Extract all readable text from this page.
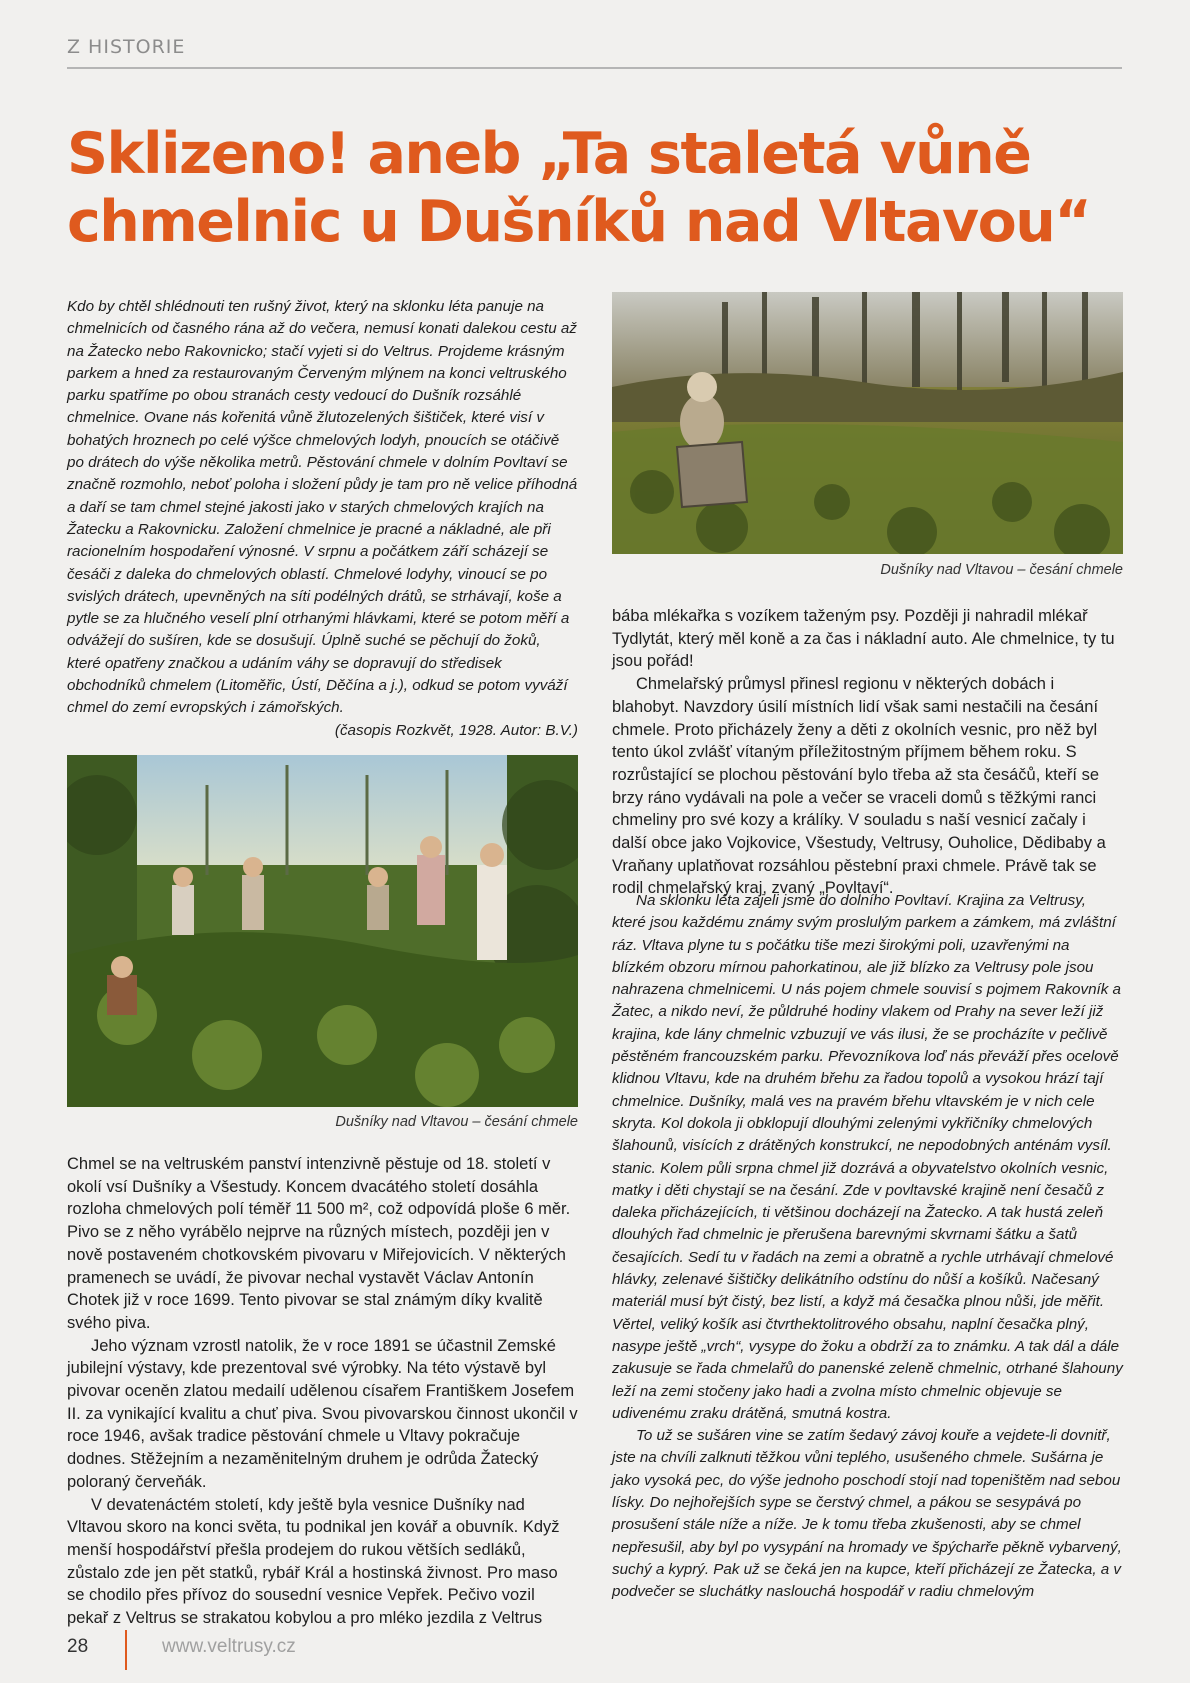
Z HISTORIE
Sklizeno! aneb „Ta staletá vůně
chmelnic u Dušníků nad Vltavou“

Kdo by chtěl shlédnouti ten rušný život, který na sklonku léta panuje na chmelnicích od časného rána až do večera, nemusí konati dalekou cestu až na Žatecko nebo Rakovnicko; stačí vyjeti si do Veltrus. Projdeme krásným parkem a hned za restaurovaným Červeným mlýnem na konci veltruského parku spatříme po obou stranách cesty vedoucí do Dušník rozsáhlé chmelnice. Ovane nás kořenitá vůně žlutozelených šištiček, které visí v bohatých hroznech po celé výšce chmelových lodyh, pnoucích se otáčivě po drátech do výše několika metrů. Pěstování chmele v dolním Povltaví se značně rozmohlo, neboť poloha i složení půdy je tam pro ně velice příhodná a daří se tam chmel stejné jakosti jako v starých chmelových krajích na Žatecku a Rakovnicku. Založení chmelnice je pracné a nákladné, ale při racionelním hospodaření výnosné. V srpnu a počátkem září scházejí se česáči z daleka do chmelových oblastí. Chmelové lodyhy, vinoucí se po svislých drátech, upevněných na síti podélných drátů, se strhávají, koše a pytle se za hlučného veselí plní otrhanými hlávkami, které se potom měří a odvážejí do sušíren, kde se dosušují. Úplně suché se pěchují do žoků, které opatřeny značkou a udáním váhy se dopravují do středisek obchodníků chmelem (Litoměřic, Ústí, Děčína a j.), odkud se potom vyváží chmel do zemí evropských i zámořských.

(časopis Rozkvět, 1928. Autor: B.V.)

Dušníky nad Vltavou – česání chmele
Dušníky nad Vltavou – česání chmele

Chmel se na veltruském panství intenzivně pěstuje od 18. století v okolí vsí Dušníky a Všestudy. Koncem dvacátého století dosáhla rozloha chmelových polí téměř 11 500 m², což odpovídá ploše 6 měr. Pivo se z něho vyrábělo nejprve na různých místech, později jen v nově postaveném chotkovském pivovaru v Miřejovicích. V některých pramenech se uvádí, že pivovar nechal vystavět Václav Antonín Chotek již v roce 1699. Tento pivovar se stal známým díky kvalitě svého piva.

Jeho význam vzrostl natolik, že v roce 1891 se účastnil Zemské jubilejní výstavy, kde prezentoval své výrobky. Na této výstavě byl pivovar oceněn zlatou medailí udělenou císařem Františkem Josefem II. za vynikající kvalitu a chuť piva. Svou pivovarskou činnost ukončil v roce 1946, avšak tradice pěstování chmele u Vltavy pokračuje dodnes. Stěžejním a nezaměnitelným druhem je odrůda Žatecký poloraný červeňák.

V devatenáctém století, kdy ještě byla vesnice Dušníky nad Vltavou skoro na konci světa, tu podnikal jen kovář a obuvník. Když menší hospodářství přešla prodejem do rukou větších sedláků, zůstalo zde jen pět statků, rybář Král a hostinská živnost. Pro maso se chodilo přes přívoz do sousední vesnice Vepřek. Pečivo vozil pekař z Veltrus se strakatou kobylou a pro mléko jezdila z Veltrus

bába mlékařka s vozíkem taženým psy. Později ji nahradil mlékař Tydlytát, který měl koně a za čas i nákladní auto. Ale chmelnice, ty tu jsou pořád!

Chmelařský průmysl přinesl regionu v některých dobách i blahobyt. Navzdory úsilí místních lidí však sami nestačili na česání chmele. Proto přicházely ženy a děti z okolních vesnic, pro něž byl tento úkol zvlášť vítaným příležitostným příjmem během roku. S rozrůstající se plochou pěstování bylo třeba až sta česáčů, kteří se brzy ráno vydávali na pole a večer se vraceli domů s těžkými ranci chmeliny pro své kozy a králíky. V souladu s naší vesnicí začaly i další obce jako Vojkovice, Všestudy, Veltrusy, Ouholice, Dědibaby a Vraňany uplatňovat rozsáhlou pěstební praxi chmele. Právě tak se rodil chmelařský kraj, zvaný „Povltaví“.

Na sklonku léta zajeli jsme do dolního Povltaví. Krajina za Veltrusy, které jsou každému známy svým proslulým parkem a zámkem, má zvláštní ráz. Vltava plyne tu s počátku tiše mezi širokými poli, uzavřenými na blízkém obzoru mírnou pahorkatinou, ale již blízko za Veltrusy pole jsou nahrazena chmelnicemi. U nás pojem chmele souvisí s pojmem Rakovník a Žatec, a nikdo neví, že půldruhé hodiny vlakem od Prahy na sever leží již krajina, kde lány chmelnic vzbuzují ve vás ilusi, že se procházíte v pečlivě pěstěném francouzském parku. Převozníkova loď nás převáží přes ocelově klidnou Vltavu, kde na druhém břehu za řadou topolů a vysokou hrází tají chmelnice. Dušníky, malá ves na pravém břehu vltavském je v nich cele skryta. Kol dokola ji obklopují dlouhými zelenými vykřičníky chmelových šlahounů, visících z drátěných konstrukcí, ne nepodobných anténám vysíl. stanic. Kolem půli srpna chmel již dozrává a obyvatelstvo okolních vesnic, matky i děti chystají se na česání. Zde v povltavské krajině není česačů z daleka přicházejících, ti většinou docházejí na Žatecko. A tak hustá zeleň dlouhých řad chmelnic je přerušena barevnými skvrnami šátku a šatů česajících. Sedí tu v řadách na zemi a obratně a rychle utrhávají chmelové hlávky, zelenavé šištičky delikátního odstínu do nůší a košíků. Načesaný materiál musí být čistý, bez listí, a když má česačka plnou nůši, jde měřit. Věrtel, veliký košík asi čtvrthektolitrového obsahu, naplní česačka plný, nasype ještě „vrch“, vysype do žoku a obdrží za to známku. A tak dál a dále zakusuje se řada chmelařů do panenské zeleně chmelnic, otrhané šlahouny leží na zemi stočeny jako hadi a zvolna místo chmelnic objevuje se udivenému zraku drátěná, smutná kostra.

To už se sušáren vine se zatím šedavý závoj kouře a vejdete-li dovnitř, jste na chvíli zalknuti těžkou vůni teplého, usušeného chmele. Sušárna je jako vysoká pec, do výše jednoho poschodí stojí nad topeništěm nad sebou lísky. Do nejhořejších sype se čerstvý chmel, a pákou se sesypává po prosušení stále níže a níže. Je k tomu třeba zkušenosti, aby se chmel nepřesušil, aby byl po vysypání na hromady ve špýcharře pěkně vybarvený, suchý a kyprý. Pak už se čeká jen na kupce, kteří přicházejí ze Žatecka, a v podvečer se sluchátky naslouchá hospodář v radiu chmelovým

28	www.veltrusy.cz
